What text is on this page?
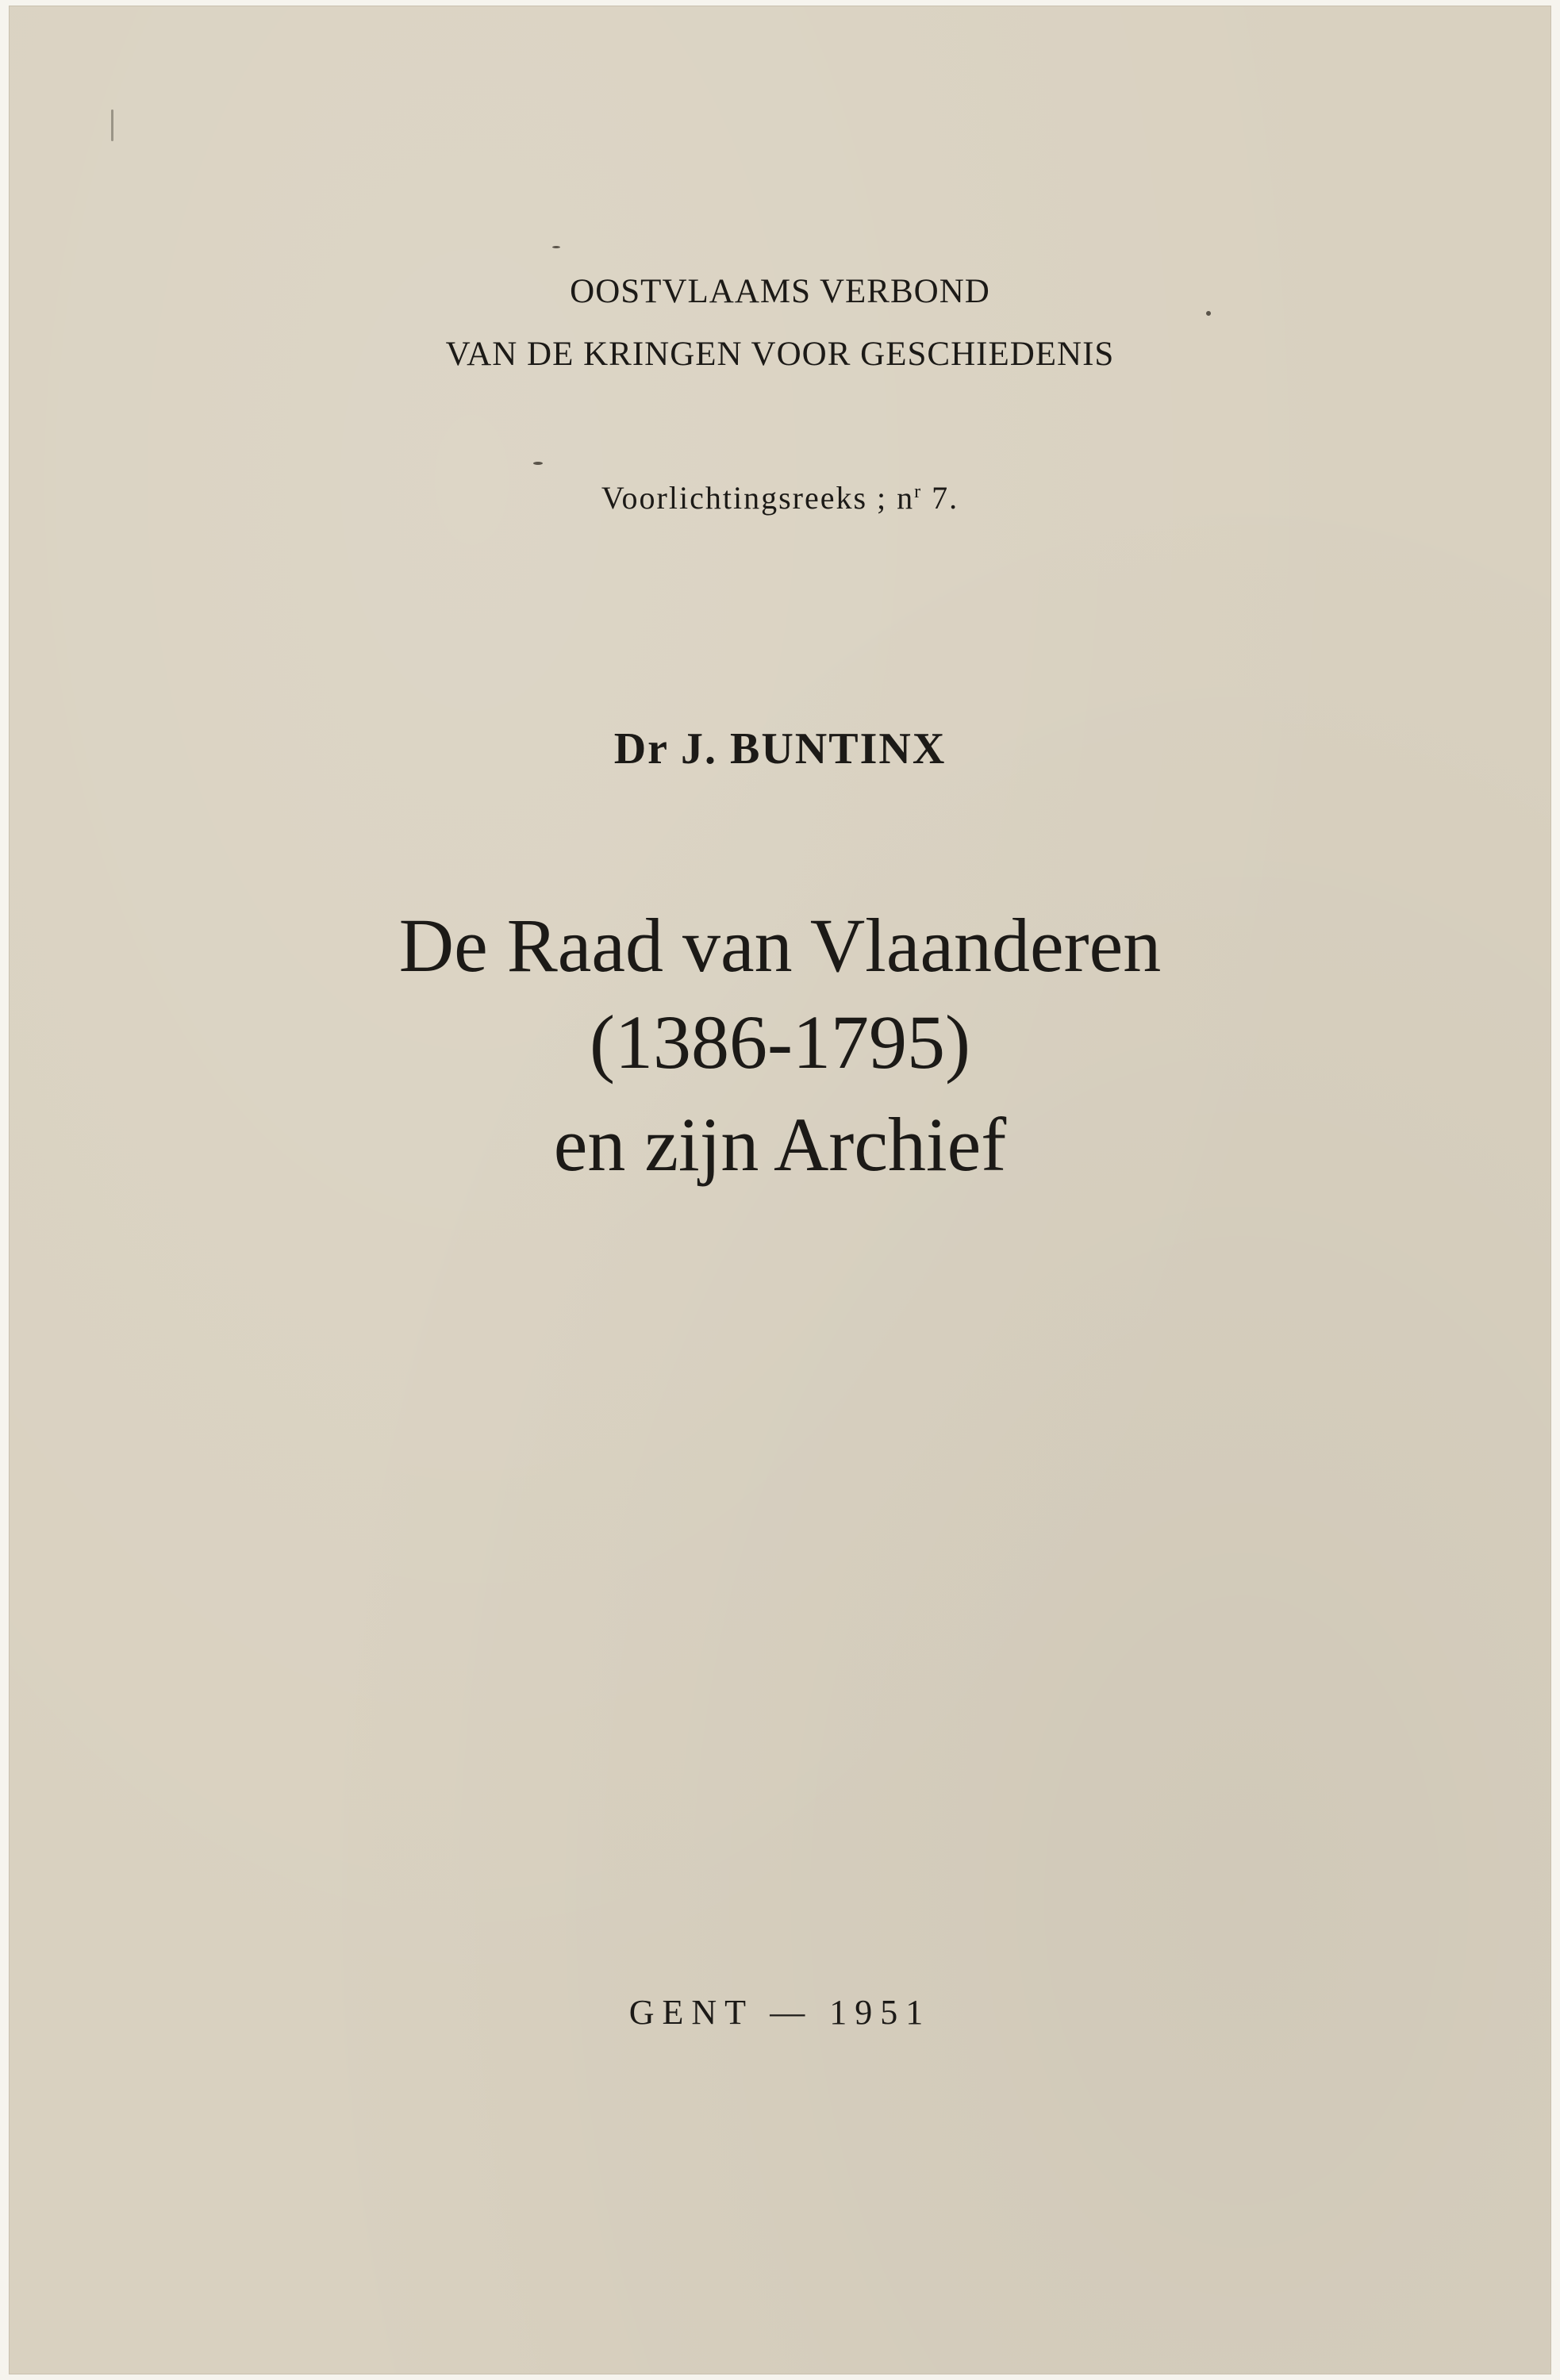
OOSTVLAAMS VERBOND
VAN DE KRINGEN VOOR GESCHIEDENIS
Voorlichtingsreeks ; $n^r$ 7.
Dr J. BUNTINX
De Raad van Vlaanderen
(1386-1795)
en zijn Archief
GENT — 1951
